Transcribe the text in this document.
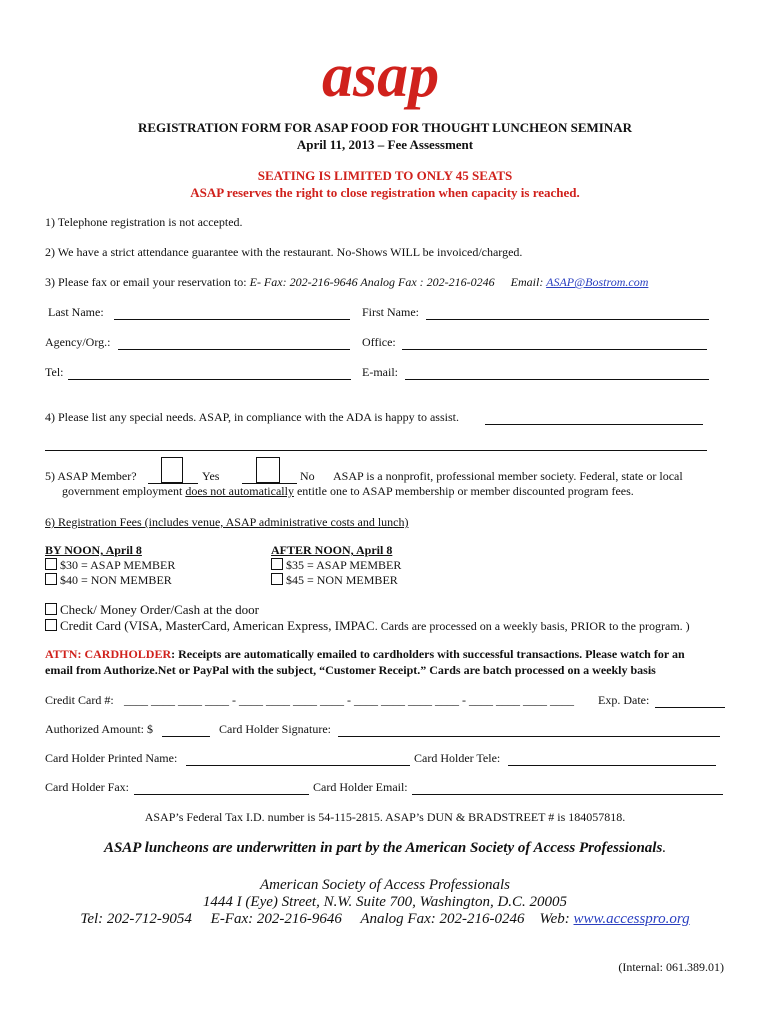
asap
REGISTRATION FORM FOR ASAP FOOD FOR THOUGHT LUNCHEON SEMINAR
April 11, 2013 – Fee Assessment
SEATING IS LIMITED TO ONLY 45 SEATS
ASAP reserves the right to close registration when capacity is reached.
1) Telephone registration is not accepted.
2) We have a strict attendance guarantee with the restaurant. No-Shows WILL be invoiced/charged.
3) Please fax or email your reservation to: E- Fax: 202-216-9646 Analog Fax : 202-216-0246 Email: ASAP@Bostrom.com
Last Name:	First Name:
Agency/Org.:	Office:
Tel:	E-mail:
4) Please list any special needs. ASAP, in compliance with the ADA is happy to assist.
5) ASAP Member?	Yes	No ASAP is a nonprofit, professional member society. Federal, state or local
government employment does not automatically entitle one to ASAP membership or member discounted program fees.
6) Registration Fees (includes venue, ASAP administrative costs and lunch)
BY NOON, April 8
$30 = ASAP MEMBER
$40 = NON MEMBER
AFTER NOON, April 8
$35 = ASAP MEMBER
$45 = NON MEMBER
Check/ Money Order/Cash at the door
Credit Card (VISA, MasterCard, American Express, IMPAC. Cards are processed on a weekly basis, PRIOR to the program. )
ATTN: CARDHOLDER: Receipts are automatically emailed to cardholders with successful transactions. Please watch for an
email from Authorize.Net or PayPal with the subject, “Customer Receipt.” Cards are batch processed on a weekly basis
Credit Card #: ____ ____ ____ ____ - ____ ____ ____ ____ - ____ ____ ____ ____ - ____ ____ ____ ____ Exp. Date:
Authorized Amount: $	Card Holder Signature:
Card Holder Printed Name:	Card Holder Tele:
Card Holder Fax:	Card Holder Email:
ASAP’s Federal Tax I.D. number is 54-115-2815. ASAP’s DUN & BRADSTREET # is 184057818.
ASAP luncheons are underwritten in part by the American Society of Access Professionals.
American Society of Access Professionals
1444 I (Eye) Street, N.W. Suite 700, Washington, D.C. 20005
Tel: 202-712-9054     E-Fax: 202-216-9646     Analog Fax: 202-216-0246    Web: www.accesspro.org
(Internal: 061.389.01)
